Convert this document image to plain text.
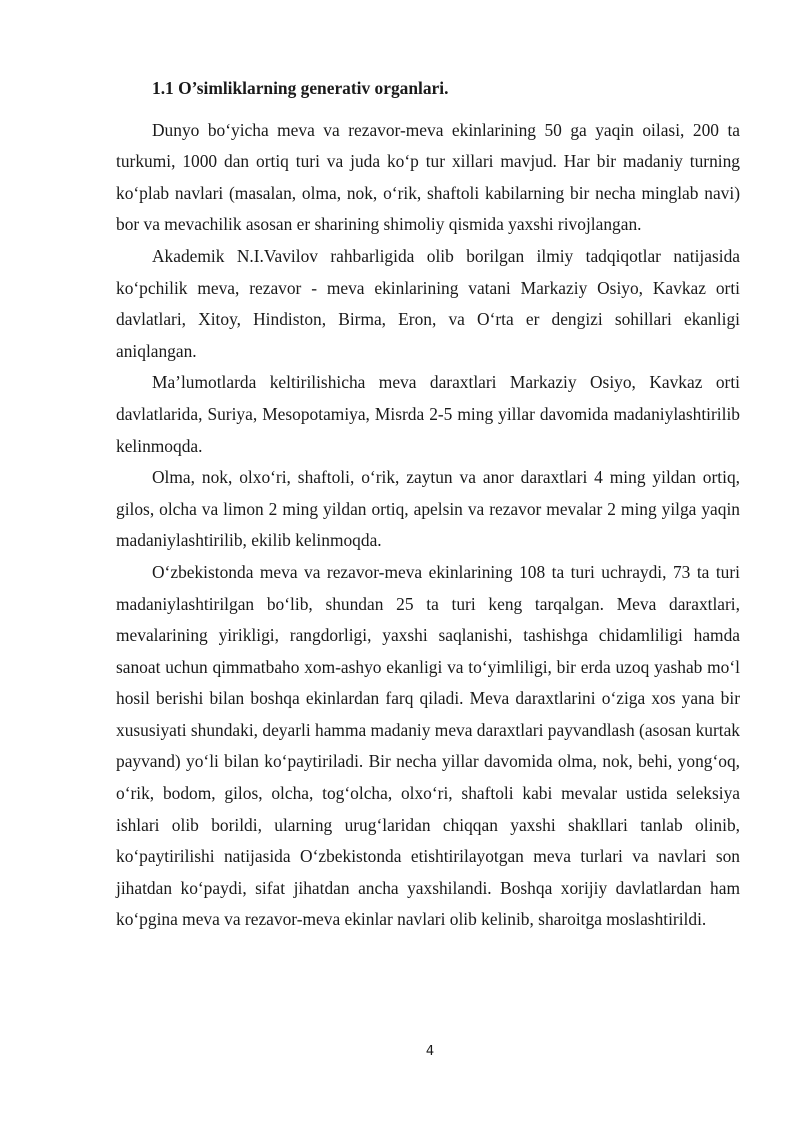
1.1 O’simliklarning generativ organlari.

Dunyo bo‘yicha meva va rezavor-meva ekinlarining 50 ga yaqin oilasi, 200 ta turkumi, 1000 dan ortiq turi va juda ko‘p tur xillari mavjud. Har bir madaniy turning ko‘plab navlari (masalan, olma, nok, o‘rik, shaftoli kabilarning bir necha minglab navi) bor va mevachilik asosan er sharining shimoliy qismida yaxshi rivojlangan.

Akademik N.I.Vavilov rahbarligida olib borilgan ilmiy tadqiqotlar natijasida ko‘pchilik meva, rezavor - meva ekinlarining vatani Markaziy Osiyo, Kavkaz orti davlatlari, Xitoy, Hindiston, Birma, Eron, va O‘rta er dengizi sohillari ekanligi aniqlangan.

Ma’lumotlarda keltirilishicha meva daraxtlari Markaziy Osiyo, Kavkaz orti davlatlarida, Suriya, Mesopotamiya, Misrda 2-5 ming yillar davomida madaniylashtirilib kelinmoqda.

Olma, nok, olxo‘ri, shaftoli, o‘rik, zaytun va anor daraxtlari 4 ming yildan ortiq, gilos, olcha va limon 2 ming yildan ortiq, apelsin va rezavor mevalar 2 ming yilga yaqin madaniylashtirilib, ekilib kelinmoqda.

O‘zbekistonda meva va rezavor-meva ekinlarining 108 ta turi uchraydi, 73 ta turi madaniylashtirilgan bo‘lib, shundan 25 ta turi keng tarqalgan. Meva daraxtlari, mevalarining yirikligi, rangdorligi, yaxshi saqlanishi, tashishga chidamliligi hamda sanoat uchun qimmatbaho xom-ashyo ekanligi va to‘yimliligi, bir erda uzoq yashab mo‘l hosil berishi bilan boshqa ekinlardan farq qiladi. Meva daraxtlarini o‘ziga xos yana bir xususiyati shundaki, deyarli hamma madaniy meva daraxtlari payvandlash (asosan kurtak payvand) yo‘li bilan ko‘paytiriladi. Bir necha yillar davomida olma, nok, behi, yong‘oq, o‘rik, bodom, gilos, olcha, tog‘olcha, olxo‘ri, shaftoli kabi mevalar ustida seleksiya ishlari olib borildi, ularning urug‘laridan chiqqan yaxshi shakllari tanlab olinib, ko‘paytirilishi natijasida O‘zbekistonda etishtirilayotgan meva turlari va navlari son jihatdan ko‘paydi, sifat jihatdan ancha yaxshilandi. Boshqa xorijiy davlatlardan ham ko‘pgina meva va rezavor-meva ekinlar navlari olib kelinib, sharoitga moslashtirildi.

4
